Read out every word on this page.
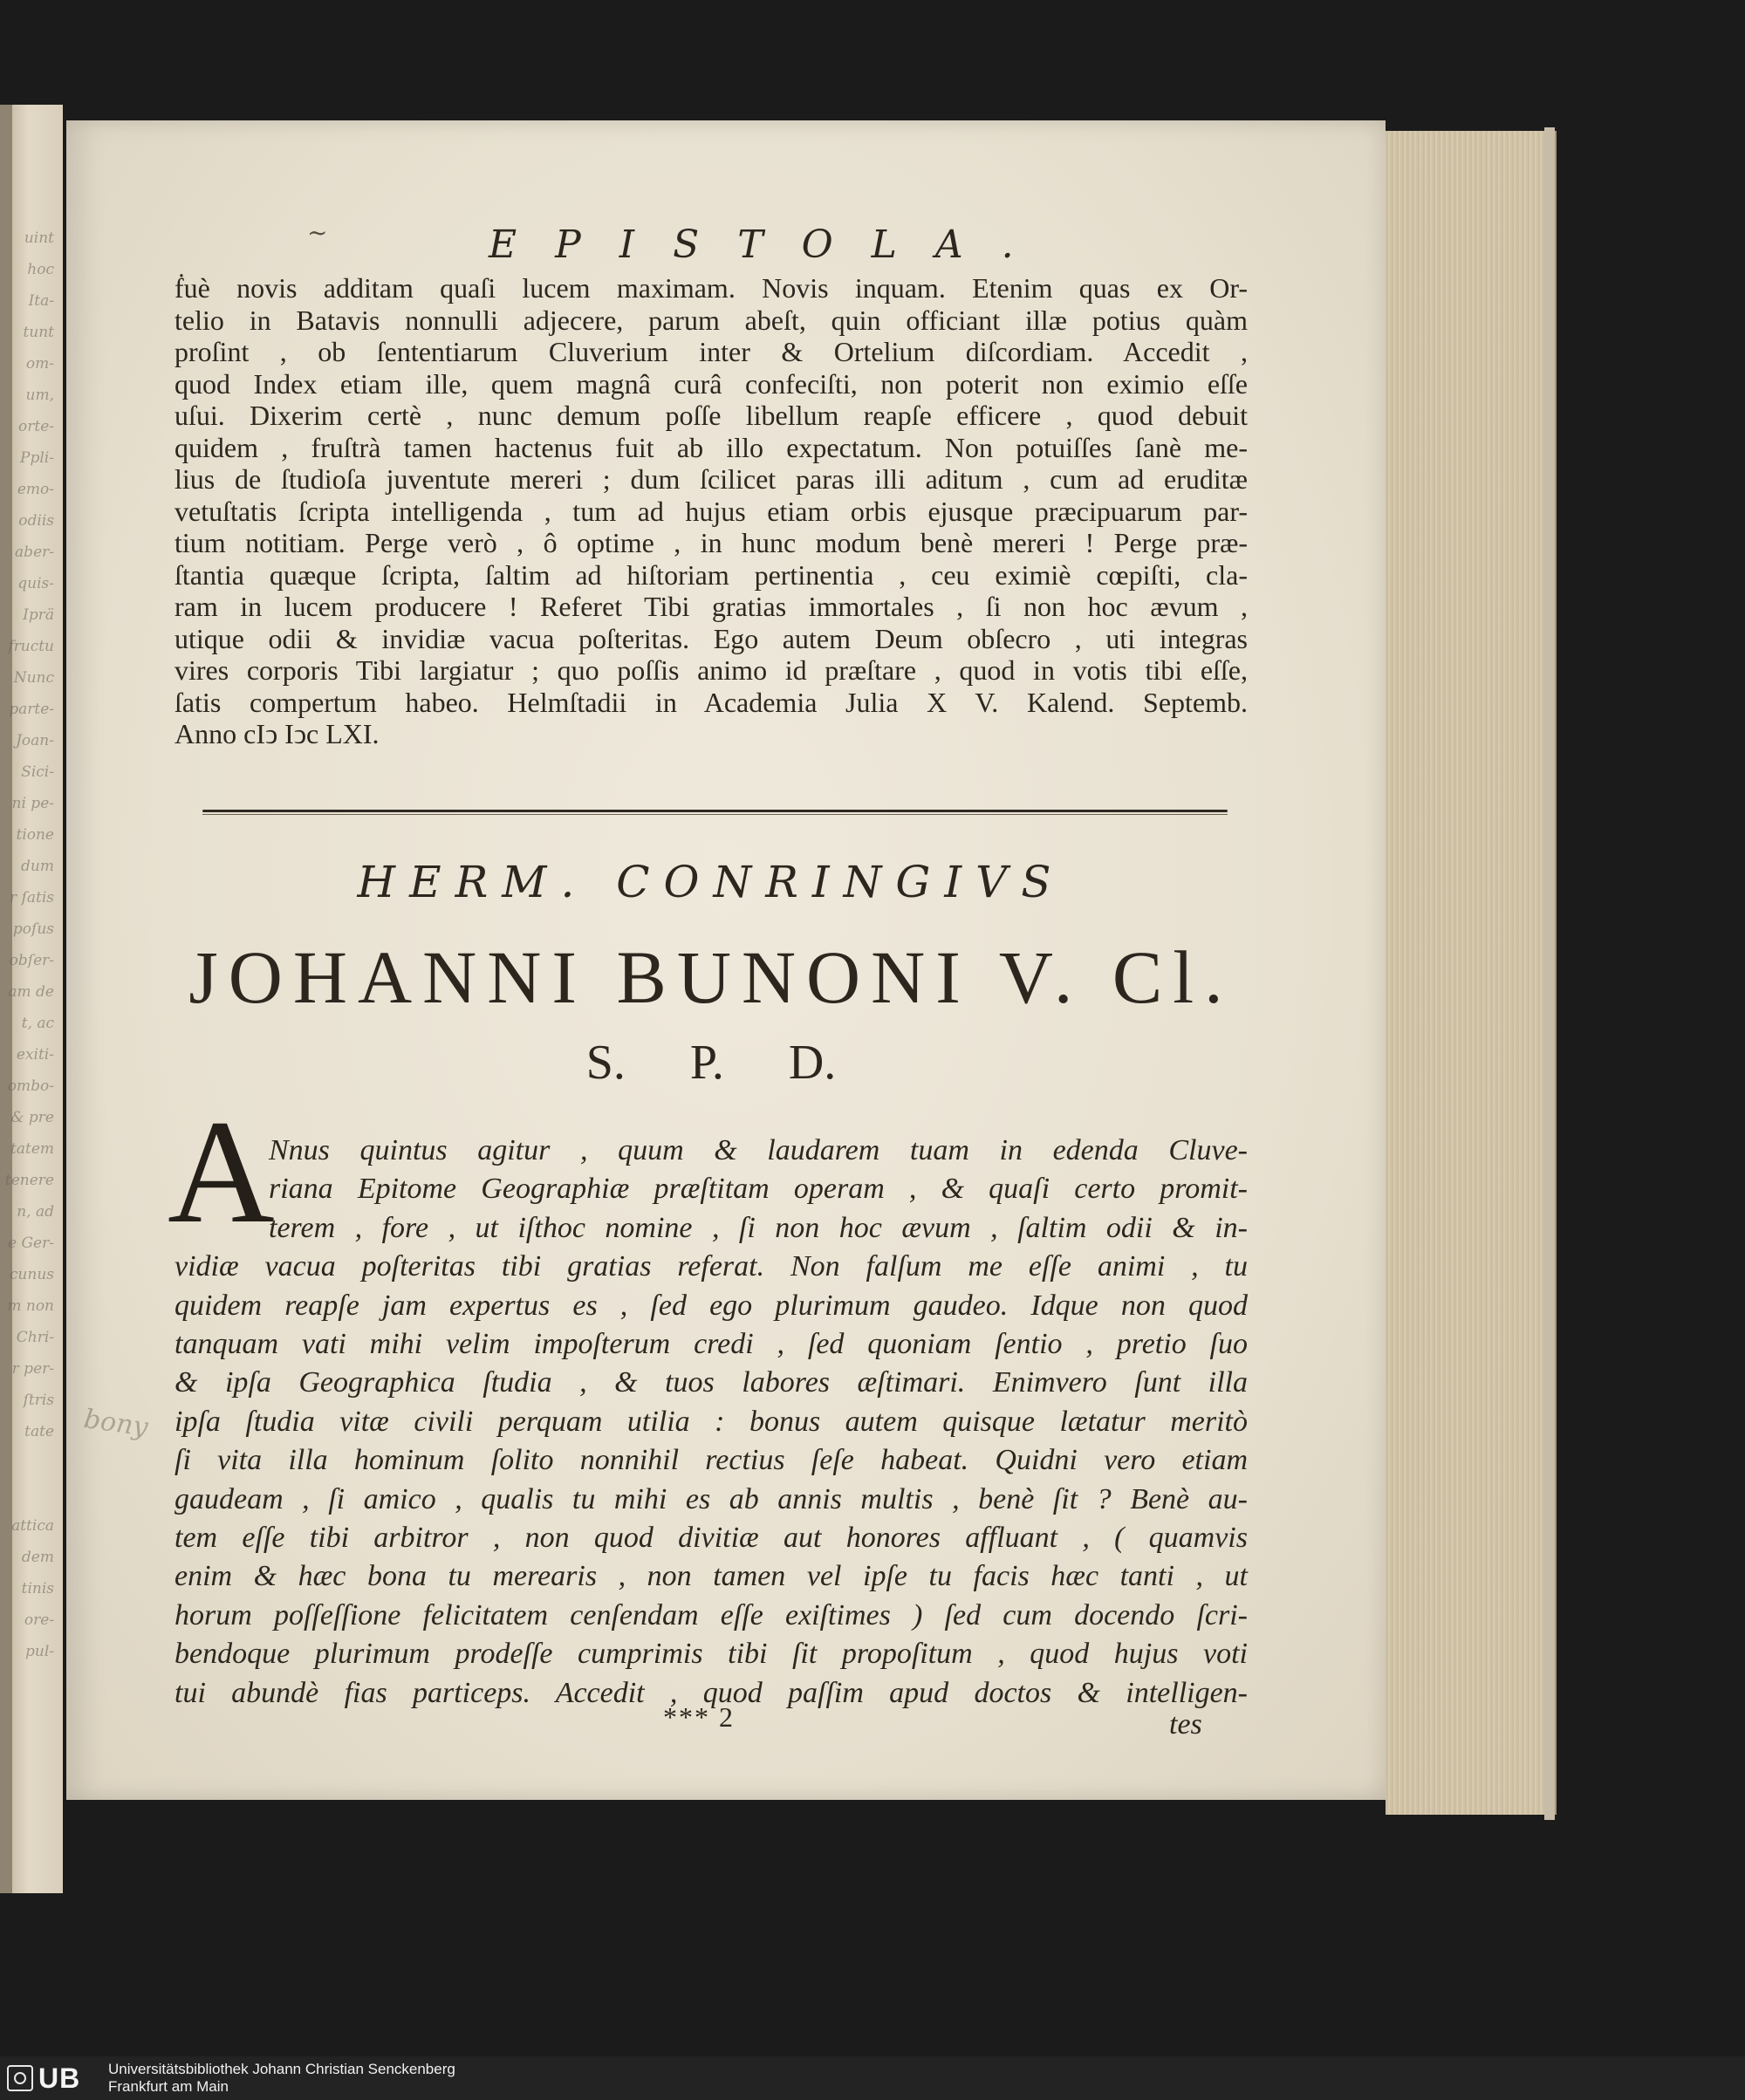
uint
hoc
Ita-
tunt
om-
um,
orte-
Ppli-
emo-
odiis
aber-
quis-
Iprä
fructu
Nunc
parte-
Joan-
Sici-
ni pe-
tione
dum
r ſatis
poſus
obſer-
am de
t, ac
exiti-
ombo-
& pre
tatem
tenere
n, ad
e Ger-
cunus
m non
Chri-
r per-
ſtris
tate
attica
dem
tinis
ore-
pul-
~	EPISTOLA.
ḟuè novis additam quaſi lucem maximam. Novis inquam. Etenim quas ex Or-
telio in Batavis nonnulli adjecere, parum abeſt, quin officiant illæ potius quàm
proſint , ob ſententiarum Cluverium inter & Ortelium diſcordiam. Accedit ,
quod Index etiam ille, quem magnâ curâ confeciſti, non poterit non eximio eſſe
uſui. Dixerim certè , nunc demum poſſe libellum reapſe efficere , quod debuit
quidem , fruſtrà tamen hactenus fuit ab illo expectatum. Non potuiſſes ſanè me-
lius de ſtudioſa juventute mereri ; dum ſcilicet paras illi aditum , cum ad eruditæ
vetuſtatis ſcripta intelligenda , tum ad hujus etiam orbis ejusque præcipuarum par-
tium notitiam. Perge verò , ô optime , in hunc modum benè mereri ! Perge præ-
ſtantia quæque ſcripta, ſaltim ad hiſtoriam pertinentia , ceu eximiè cœpiſti, cla-
ram in lucem producere ! Referet Tibi gratias immortales , ſi non hoc ævum ,
utique odii & invidiæ vacua poſteritas. Ego autem Deum obſecro , uti integras
vires corporis Tibi largiatur ; quo poſſis animo id præſtare , quod in votis tibi eſſe,
ſatis compertum habeo. Helmſtadii in Academia Julia X V. Kalend. Septemb.
Anno cIↄ Iↄc LXI.
HERM. CONRINGIVS
JOHANNI BUNONI V. Cl.
S. P. D.
A
Nnus quintus agitur , quum & laudarem tuam in edenda Cluve-
riana Epitome Geographiæ præſtitam operam , & quaſi certo promit-
terem , fore , ut iſthoc nomine , ſi non hoc ævum , ſaltim odii & in-
vidiæ vacua poſteritas tibi gratias referat. Non falſum me eſſe animi , tu
quidem reapſe jam expertus es , ſed ego plurimum gaudeo. Idque non quod
tanquam vati mihi velim impoſterum credi , ſed quoniam ſentio , pretio ſuo
& ipſa Geographica ſtudia , & tuos labores æſtimari. Enimvero ſunt illa
ipſa ſtudia vitæ civili perquam utilia : bonus autem quisque lætatur meritò
ſi vita illa hominum ſolito nonnihil rectius ſeſe habeat. Quidni vero etiam
gaudeam , ſi amico , qualis tu mihi es ab annis multis , benè ſit ? Benè au-
tem eſſe tibi arbitror , non quod divitiæ aut honores affluant , ( quamvis
enim & hæc bona tu merearis , non tamen vel ipſe tu facis hæc tanti , ut
horum poſſeſſione felicitatem cenſendam eſſe exiſtimes ) ſed cum docendo ſcri-
bendoque plurimum prodeſſe cumprimis tibi ſit propoſitum , quod hujus voti
tui abundè fias particeps. Accedit , quod paſſim apud doctos & intelligen-
*** 2	tes
bony
UB Universitätsbibliothek Johann Christian Senckenberg
Frankfurt am Main
